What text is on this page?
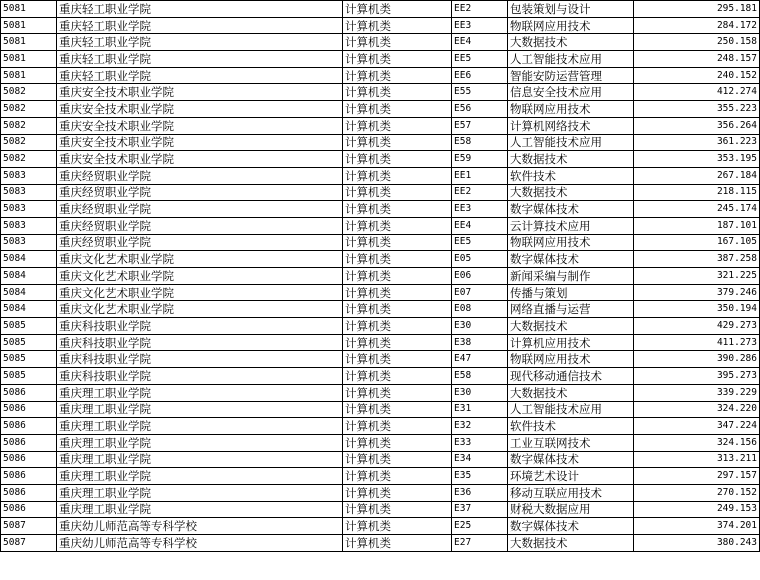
5081	重庆轻工职业学院	计算机类	EE2	包装策划与设计	295.181
5081	重庆轻工职业学院	计算机类	EE3	物联网应用技术	284.172
5081	重庆轻工职业学院	计算机类	EE4	大数据技术	250.158
5081	重庆轻工职业学院	计算机类	EE5	人工智能技术应用	248.157
5081	重庆轻工职业学院	计算机类	EE6	智能安防运营管理	240.152
5082	重庆安全技术职业学院	计算机类	E55	信息安全技术应用	412.274
5082	重庆安全技术职业学院	计算机类	E56	物联网应用技术	355.223
5082	重庆安全技术职业学院	计算机类	E57	计算机网络技术	356.264
5082	重庆安全技术职业学院	计算机类	E58	人工智能技术应用	361.223
5082	重庆安全技术职业学院	计算机类	E59	大数据技术	353.195
5083	重庆经贸职业学院	计算机类	EE1	软件技术	267.184
5083	重庆经贸职业学院	计算机类	EE2	大数据技术	218.115
5083	重庆经贸职业学院	计算机类	EE3	数字媒体技术	245.174
5083	重庆经贸职业学院	计算机类	EE4	云计算技术应用	187.101
5083	重庆经贸职业学院	计算机类	EE5	物联网应用技术	167.105
5084	重庆文化艺术职业学院	计算机类	E05	数字媒体技术	387.258
5084	重庆文化艺术职业学院	计算机类	E06	新闻采编与制作	321.225
5084	重庆文化艺术职业学院	计算机类	E07	传播与策划	379.246
5084	重庆文化艺术职业学院	计算机类	E08	网络直播与运营	350.194
5085	重庆科技职业学院	计算机类	E30	大数据技术	429.273
5085	重庆科技职业学院	计算机类	E38	计算机应用技术	411.273
5085	重庆科技职业学院	计算机类	E47	物联网应用技术	390.286
5085	重庆科技职业学院	计算机类	E58	现代移动通信技术	395.273
5086	重庆理工职业学院	计算机类	E30	大数据技术	339.229
5086	重庆理工职业学院	计算机类	E31	人工智能技术应用	324.220
5086	重庆理工职业学院	计算机类	E32	软件技术	347.224
5086	重庆理工职业学院	计算机类	E33	工业互联网技术	324.156
5086	重庆理工职业学院	计算机类	E34	数字媒体技术	313.211
5086	重庆理工职业学院	计算机类	E35	环境艺术设计	297.157
5086	重庆理工职业学院	计算机类	E36	移动互联应用技术	270.152
5086	重庆理工职业学院	计算机类	E37	财税大数据应用	249.153
5087	重庆幼儿师范高等专科学校	计算机类	E25	数字媒体技术	374.201
5087	重庆幼儿师范高等专科学校	计算机类	E27	大数据技术	380.243
